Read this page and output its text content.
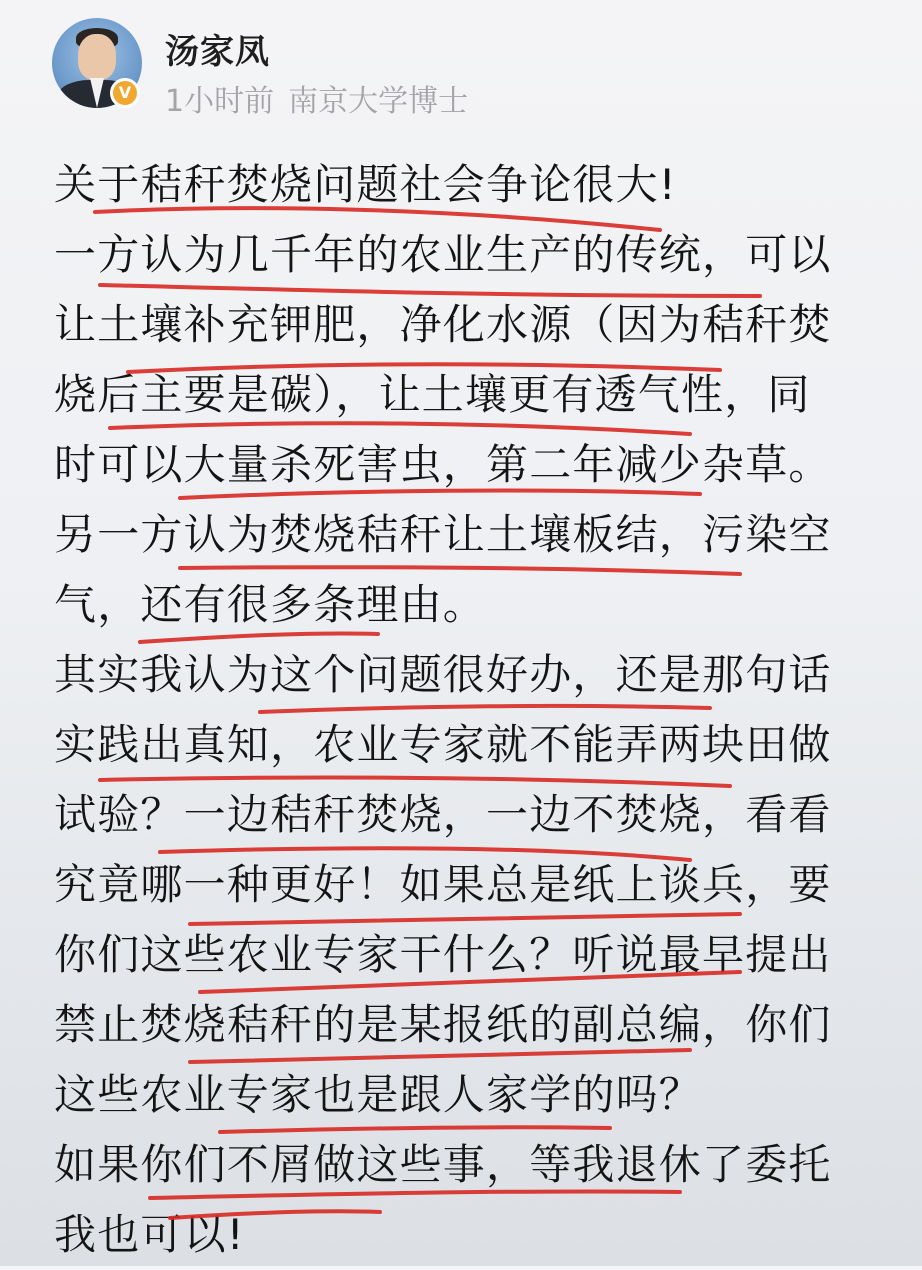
V
汤家凤
1小时前 南京大学博士
关于秸秆焚烧问题社会争论很大!
一方认为几千年的农业生产的传统，可以
让土壤补充钾肥，净化水源（因为秸秆焚
烧后主要是碳），让土壤更有透气性，同
时可以大量杀死害虫，第二年减少杂草。
另一方认为焚烧秸秆让土壤板结，污染空
气，还有很多条理由。
其实我认为这个问题很好办，还是那句话
实践出真知，农业专家就不能弄两块田做
试验？一边秸秆焚烧，一边不焚烧，看看
究竟哪一种更好！如果总是纸上谈兵，要
你们这些农业专家干什么？听说最早提出
禁止焚烧秸秆的是某报纸的副总编，你们
这些农业专家也是跟人家学的吗？
如果你们不屑做这些事，等我退休了委托
我也可以!
